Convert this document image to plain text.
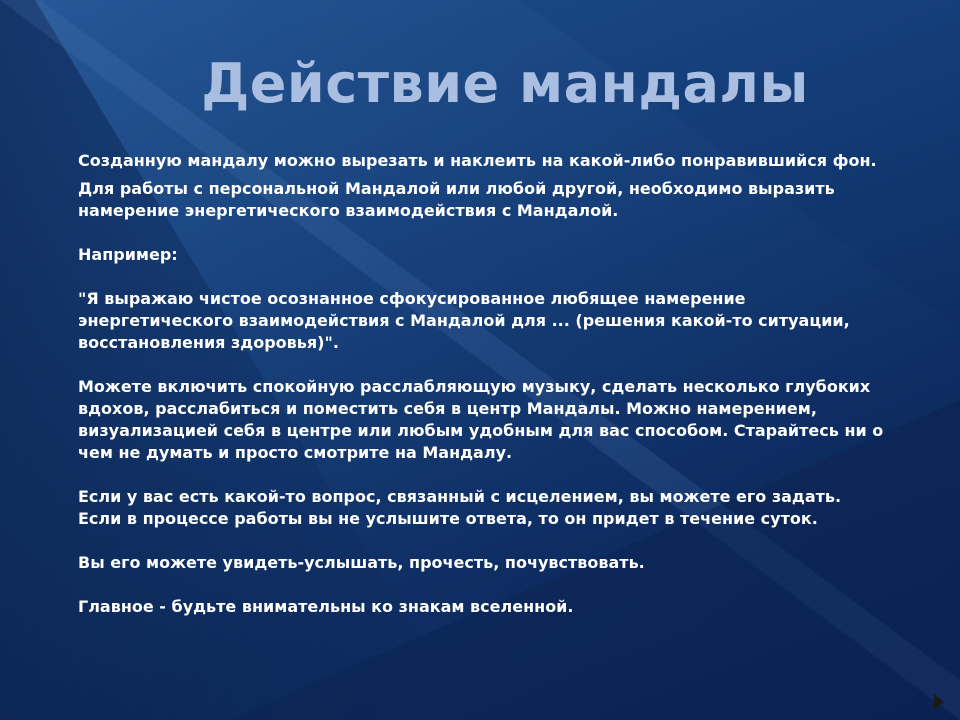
Действие мандалы

Созданную мандалу можно вырезать и наклеить на какой-либо понравившийся фон.

Для работы с персональной Мандалой или любой другой, необходимо выразить намерение энергетического взаимодействия с Мандалой.

Например:

"Я выражаю чистое осознанное сфокусированное любящее намерение энергетического взаимодействия с Мандалой для ... (решения какой-то ситуации, восстановления здоровья)".

Можете включить спокойную расслабляющую музыку, сделать несколько глубоких вдохов, расслабиться и поместить себя в центр Мандалы. Можно намерением, визуализацией себя в центре или любым удобным для вас способом. Старайтесь ни о чем не думать и просто смотрите на Мандалу.

Если у вас есть какой-то вопрос, связанный с исцелением, вы можете его задать.

Если в процессе работы вы не услышите ответа, то он придет в течение суток.

Вы его можете увидеть-услышать, прочесть, почувствовать.

Главное - будьте внимательны ко знакам вселенной.
